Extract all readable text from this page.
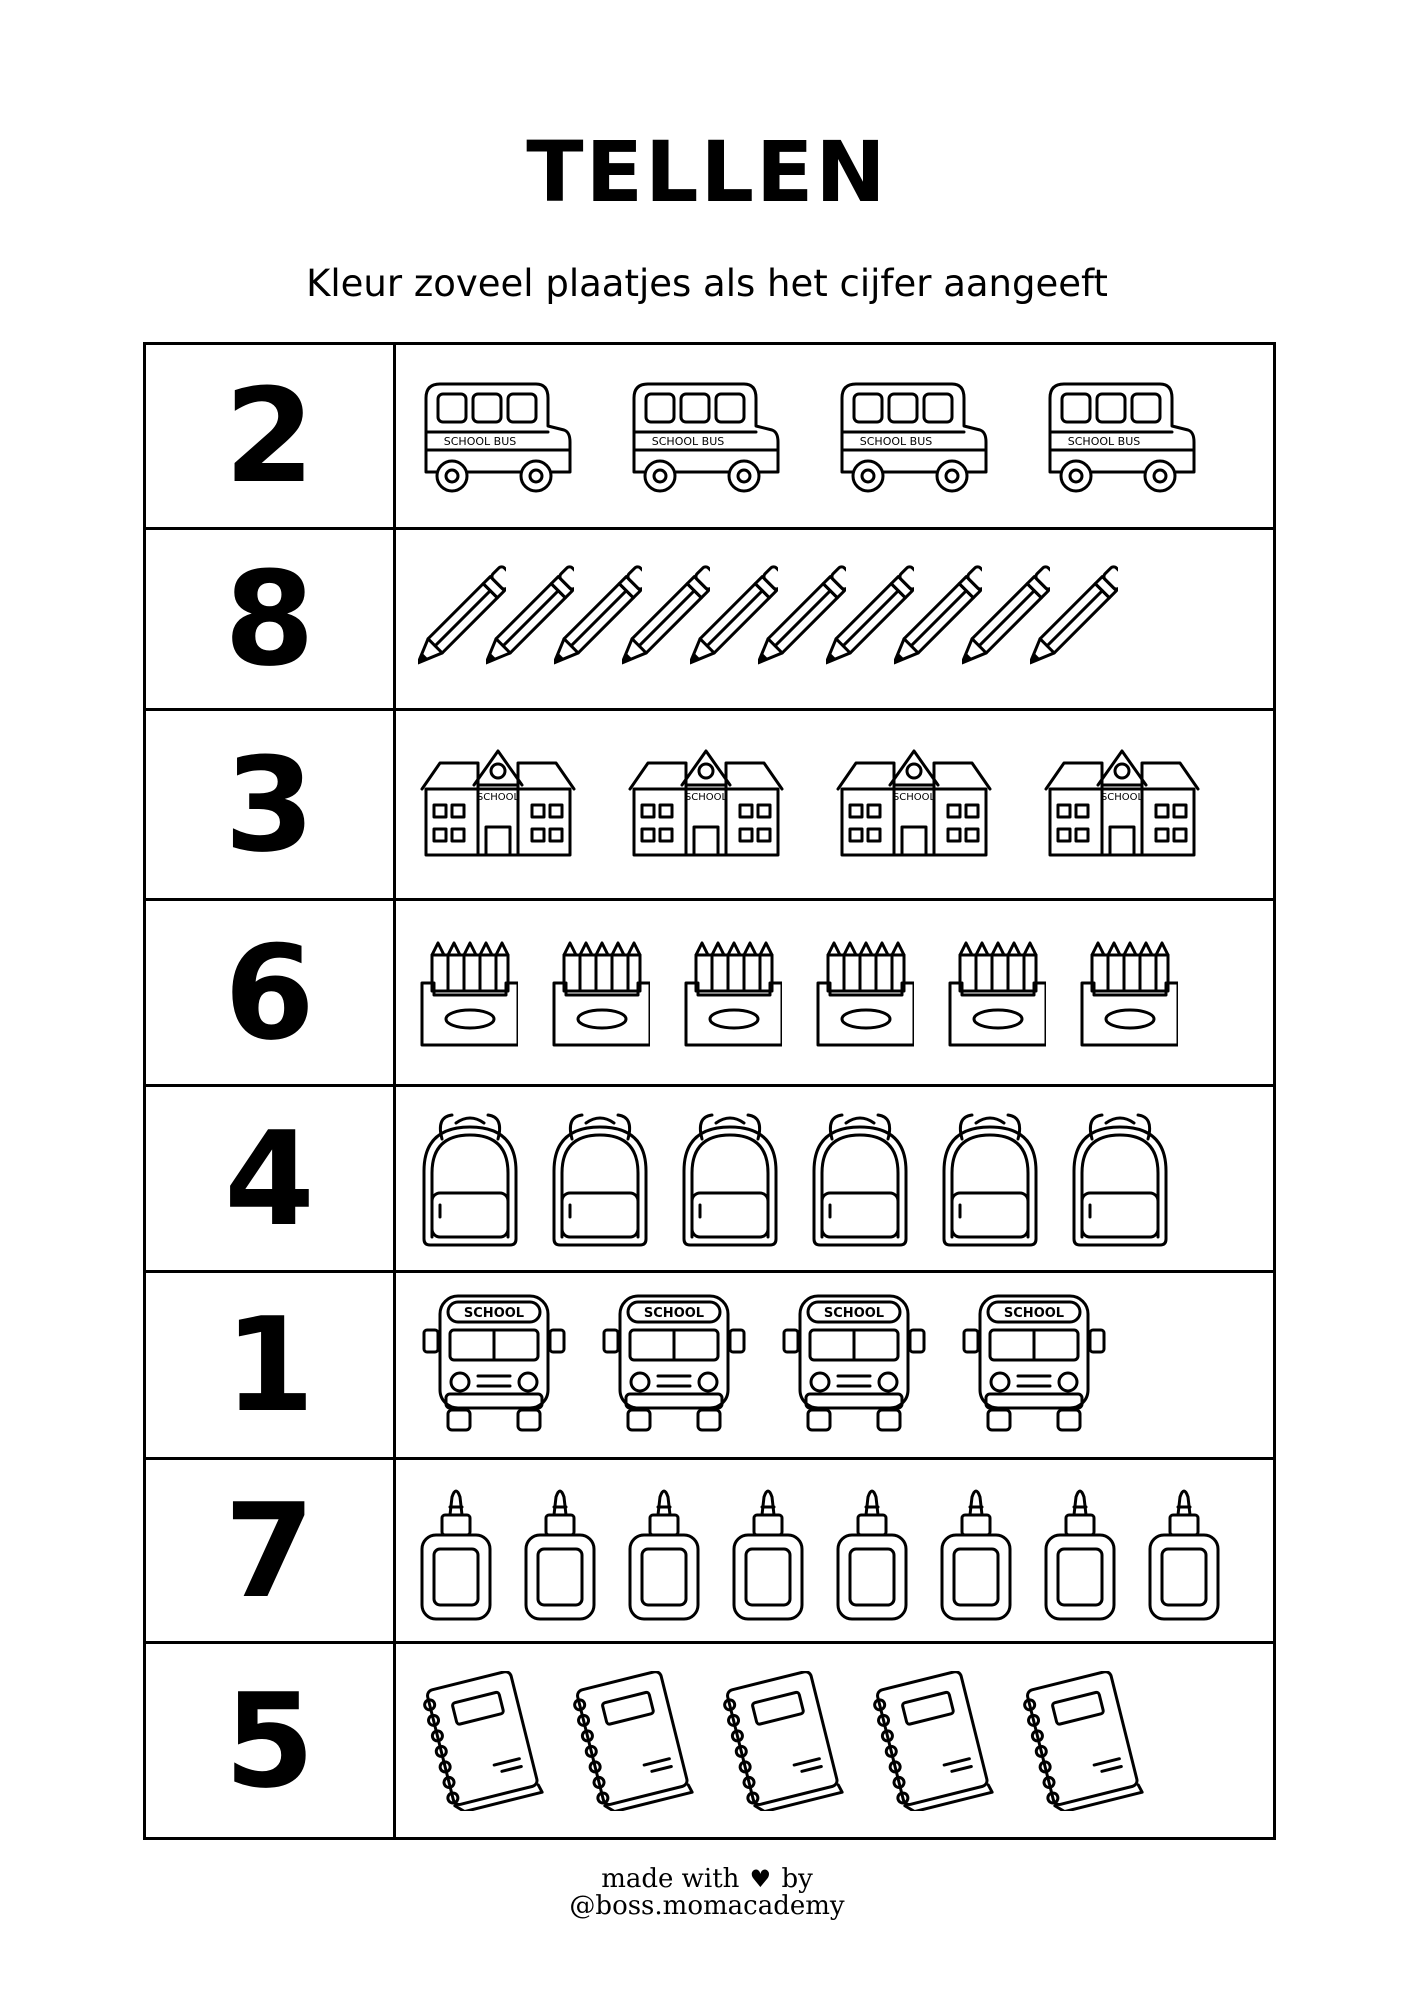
TELLEN

Kleur zoveel plaatjes als het cijfer aangeeft

2	SCHOOL BUS	SCHOOL BUS	SCHOOL BUS	SCHOOL BUS
8
3	SCHOOL	SCHOOL	SCHOOL	SCHOOL
6
4
1	SCHOOL	SCHOOL	SCHOOL	SCHOOL
7
5
made with ♥ by
@boss.momacademy
